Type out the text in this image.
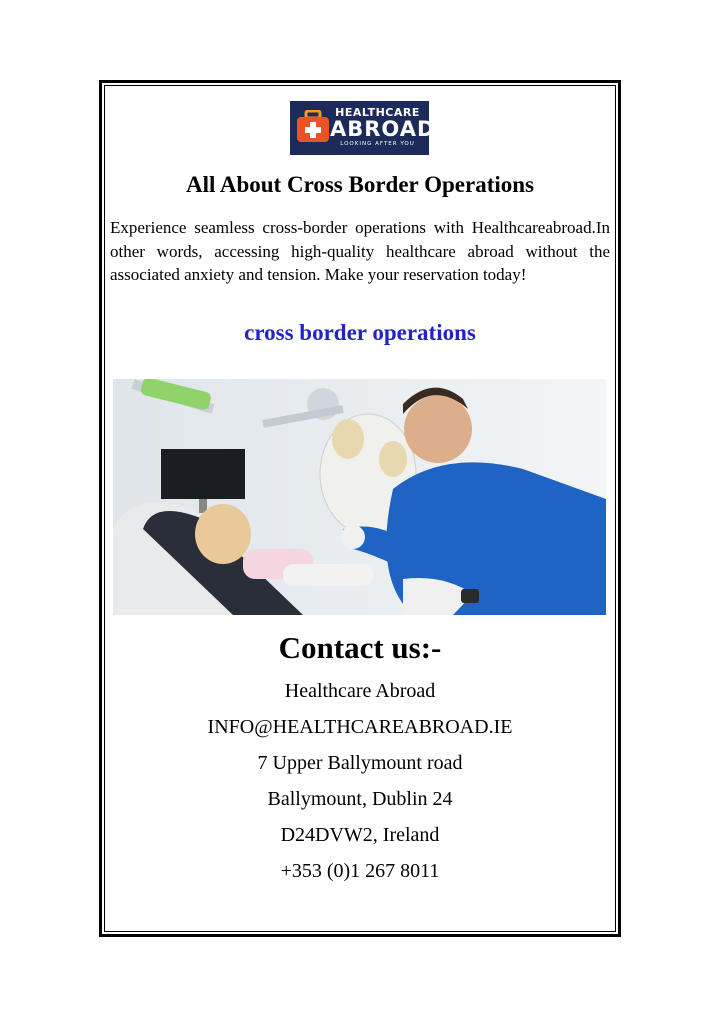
HEALTHCARE
ABROAD
LOOKING AFTER YOU
All About Cross Border Operations

Experience seamless cross-border operations with Healthcareabroad.In other words, accessing high-quality healthcare abroad without the associated anxiety and tension. Make your reservation today!

cross border operations
Contact us:-
Healthcare Abroad
INFO@HEALTHCAREABROAD.IE
7 Upper Ballymount road
Ballymount, Dublin 24
D24DVW2, Ireland
+353 (0)1 267 8011
